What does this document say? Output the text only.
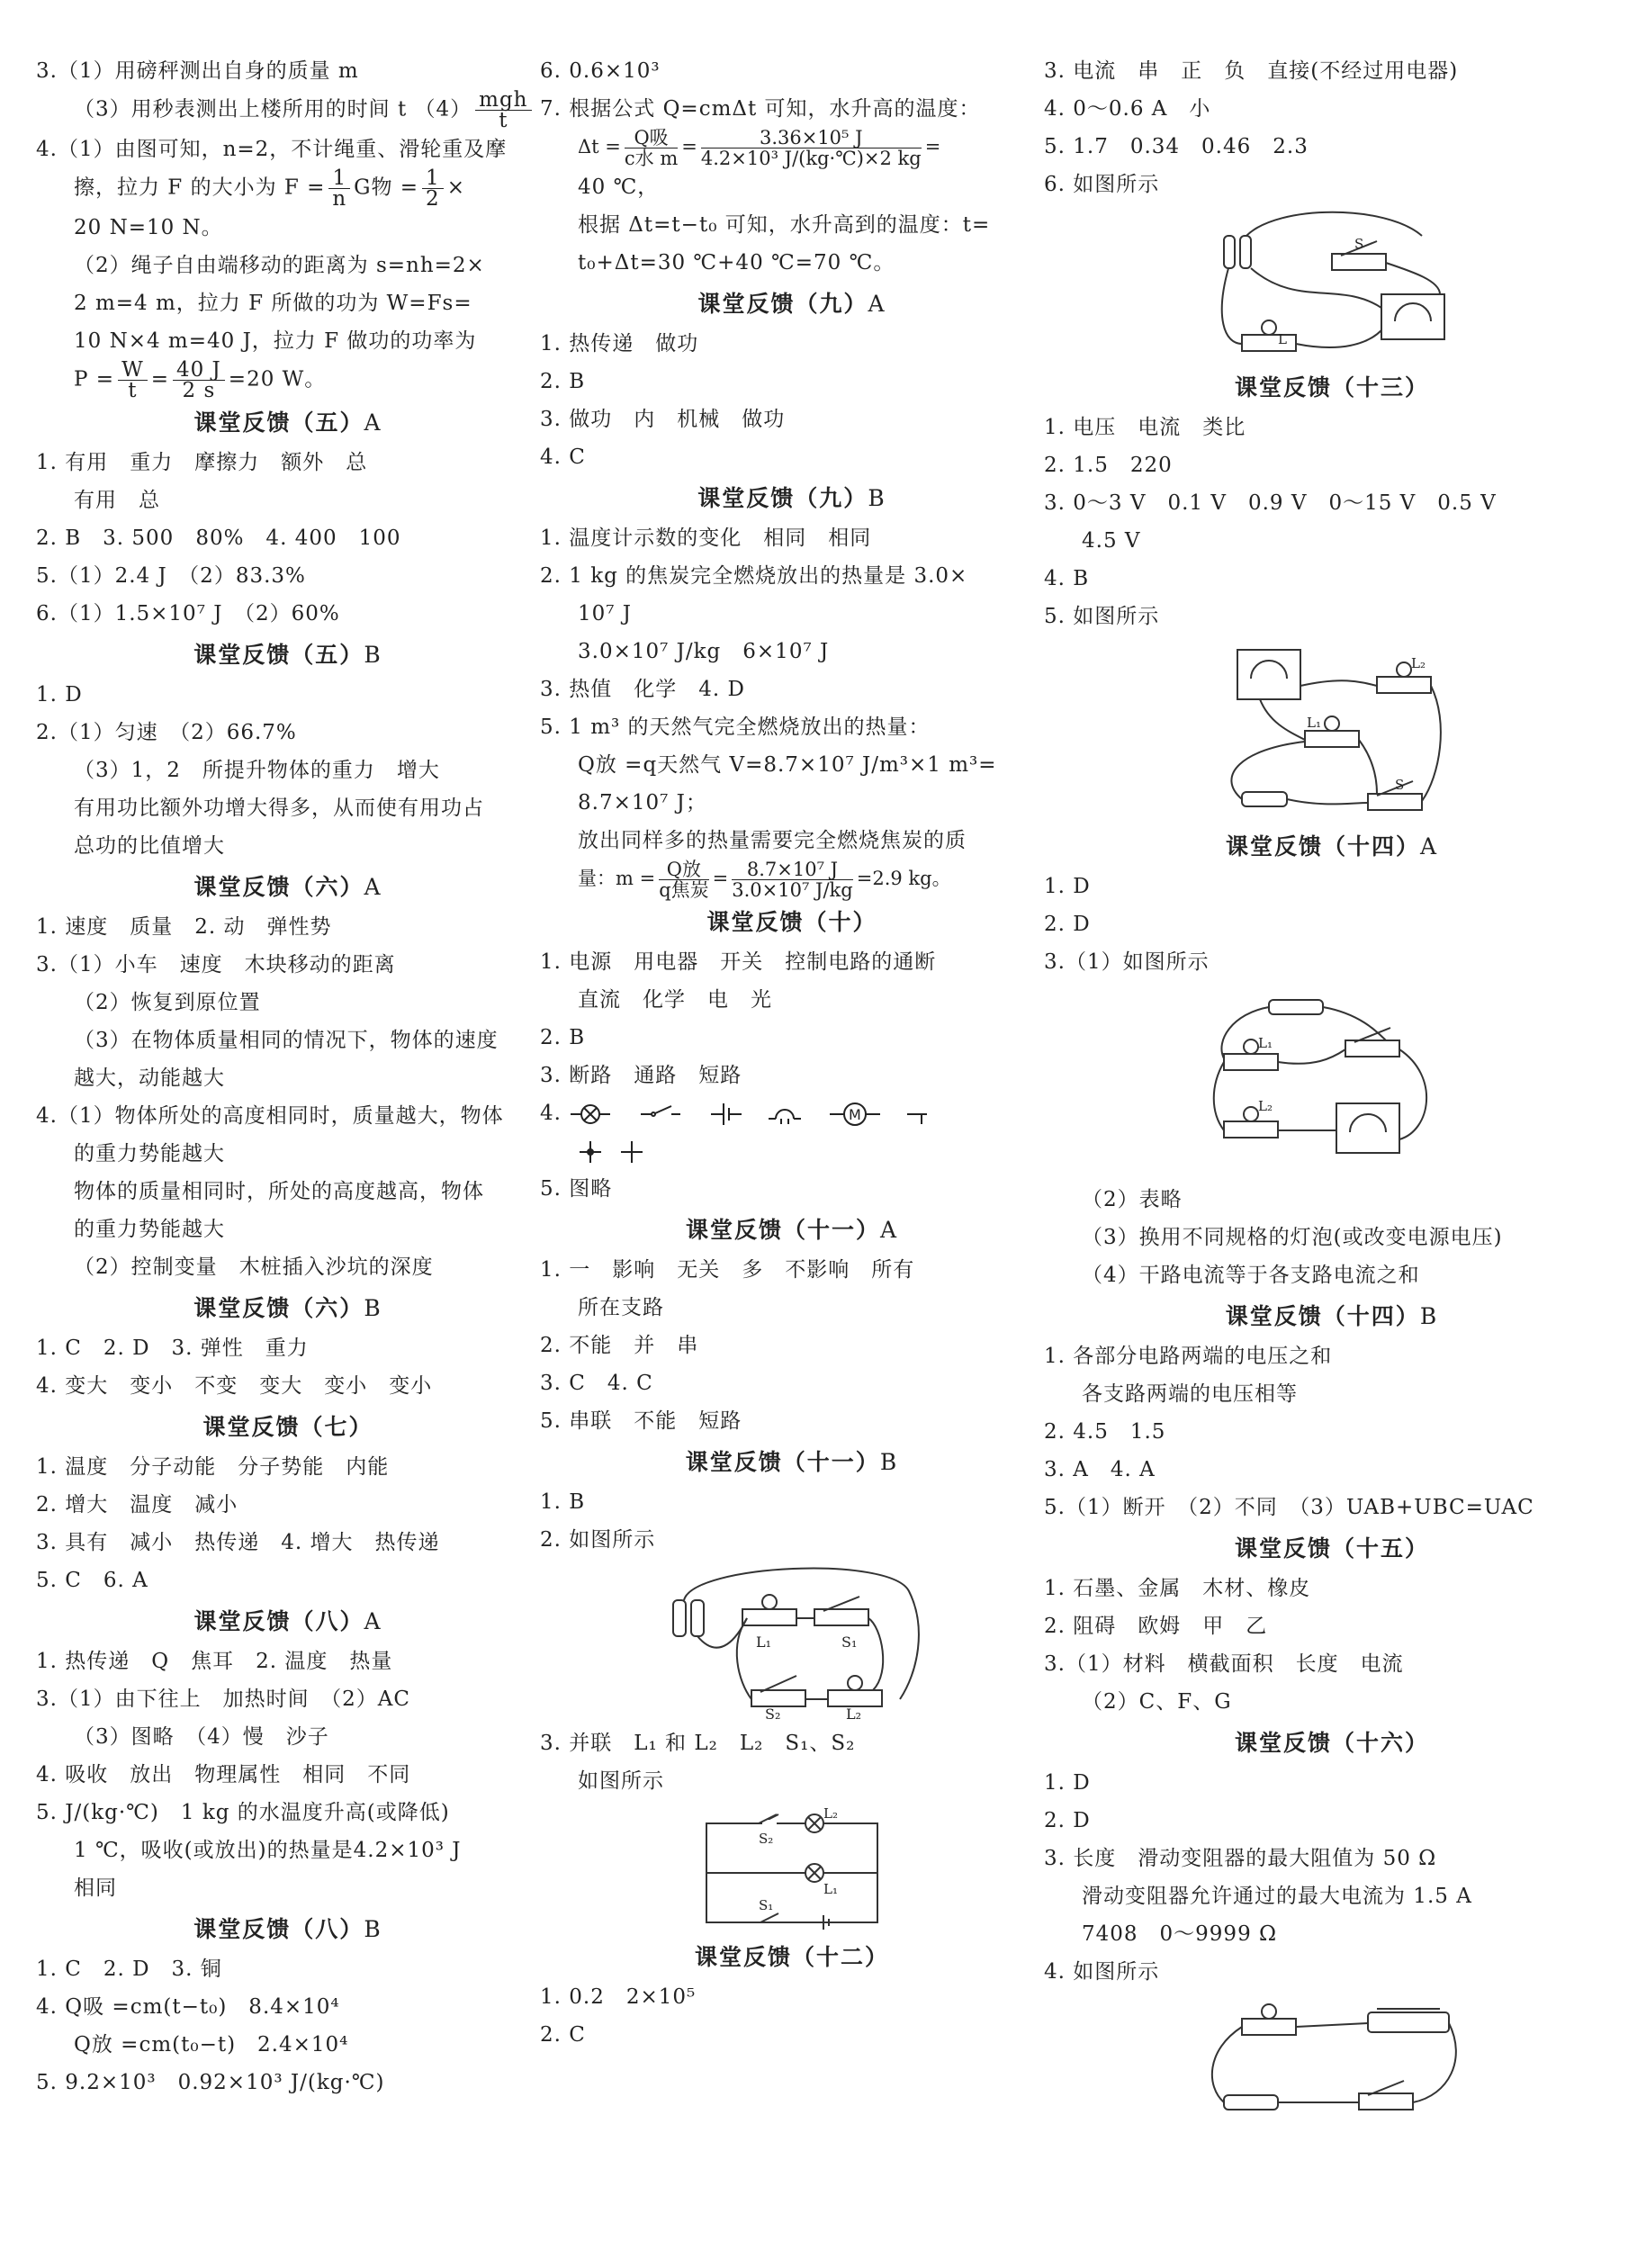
3.（1）用磅秤测出自身的质量 m
（3）用秒表测出上楼所用的时间 t $(4) \frac{\text{mgh}}{t}$
4.（1）由图可知，n=2，不计绳重、滑轮重及摩
擦，拉力 F 的大小为 $F = \frac{1}{n}$ G物 = $\frac{1}{2}$ ×
20 N=10 N。
（2）绳子自由端移动的距离为 s=nh=2×
2 m=4 m，拉力 F 所做的功为 W=Fs=
10 N×4 m=40 J，拉力 F 做功的功率为
$P = \frac{W}{t} = \frac{40 J}{2 s} =20$ W。
课堂反馈（五）A
1. 有用　重力　摩擦力　额外　总
有用　总
2. B　3. 500　80%　4. 400　100
5.（1）2.4 J　（2）83.3%
6.（1）1.5×10⁷ J　（2）60%
课堂反馈（五）B
1. D
2.（1）匀速　（2）66.7%
（3）1，2　所提升物体的重力　增大
有用功比额外功增大得多，从而使有用功占
总功的比值增大
课堂反馈（六）A
1. 速度　质量　2. 动　弹性势
3.（1）小车　速度　木块移动的距离
（2）恢复到原位置
（3）在物体质量相同的情况下，物体的速度
越大，动能越大
4.（1）物体所处的高度相同时，质量越大，物体
的重力势能越大
物体的质量相同时，所处的高度越高，物体
的重力势能越大
（2）控制变量　木桩插入沙坑的深度
课堂反馈（六）B
1. C　2. D　3. 弹性　重力
4. 变大　变小　不变　变大　变小　变小
课堂反馈（七）
1. 温度　分子动能　分子势能　内能
2. 增大　温度　减小
3. 具有　减小　热传递　4. 增大　热传递
5. C　6. A
课堂反馈（八）A
1. 热传递　Q　焦耳　2. 温度　热量
3.（1）由下往上　加热时间　（2）AC
（3）图略　（4）慢　沙子
4. 吸收　放出　物理属性　相同　不同
5. J/(kg·℃)　1 kg 的水温度升高(或降低)
1 ℃，吸收(或放出)的热量是4.2×10³ J
相同
课堂反馈（八）B
1. C　2. D　3. 铜
4. Q吸 =cm(t−t₀)　8.4×10⁴
Q放 =cm(t₀−t)　2.4×10⁴
5. 9.2×10³　0.92×10³ J/(kg·℃)
6. 0.6×10³
7. 根据公式 Q=cmΔt 可知，水升高的温度：
$\Delta t = \frac{\text{Q吸}}{\text{c水 m}} = \frac{\text{3.36×10⁵ J}}{\text{4.2×10³ J/(kg·℃)×2 kg}}$ =
40 ℃，
根据 Δt=t−t₀ 可知，水升高到的温度：t=
t₀+Δt=30 ℃+40 ℃=70 ℃。
课堂反馈（九）A
1. 热传递　做功
2. B
3. 做功　内　机械　做功
4. C
课堂反馈（九）B
1. 温度计示数的变化　相同　相同
2. 1 kg 的焦炭完全燃烧放出的热量是 3.0×
10⁷ J
3.0×10⁷ J/kg　6×10⁷ J
3. 热值　化学　4. D
5. 1 m³ 的天然气完全燃烧放出的热量：
Q放 =q天然气 V=8.7×10⁷ J/m³×1 m³=
8.7×10⁷ J；
放出同样多的热量需要完全燃烧焦炭的质
量：$m = \frac{\text{Q放}}{\text{q焦炭}} = \frac{\text{8.7×10⁷ J}}{\text{3.0×10⁷ J/kg}} =2.9$ kg。
课堂反馈（十）
1. 电源　用电器　开关　控制电路的通断
直流　化学　电　光
2. B
3. 断路　通路　短路
4.	M
5. 图略
课堂反馈（十一）A
1. 一　影响　无关　多　不影响　所有
所在支路
2. 不能　并　串
3. C　4. C
5. 串联　不能　短路
课堂反馈（十一）B
1. B
2. 如图所示
L₁	S₁
S₂	L₂
3. 并联　L₁ 和 L₂　L₂　S₁、S₂
如图所示
L₂
S₂
L₁
S₁
课堂反馈（十二）
1. 0.2　2×10⁵
2. C
3. 电流　串　正　负　直接(不经过用电器)
4. 0～0.6 A　小
5. 1.7　0.34　0.46　2.3
6. 如图所示
S
L
课堂反馈（十三）
1. 电压　电流　类比
2. 1.5　220
3. 0～3 V　0.1 V　0.9 V　0～15 V　0.5 V
4.5 V
4. B
5. 如图所示
L₂
L₁
S
课堂反馈（十四）A
1. D
2. D
3.（1）如图所示
L₁
L₂
（2）表略
（3）换用不同规格的灯泡(或改变电源电压)
（4）干路电流等于各支路电流之和
课堂反馈（十四）B
1. 各部分电路两端的电压之和
各支路两端的电压相等
2. 4.5　1.5
3. A　4. A
5.（1）断开　（2）不同　（3）UAB+UBC=UAC
课堂反馈（十五）
1. 石墨、金属　木材、橡皮
2. 阻碍　欧姆　甲　乙
3.（1）材料　横截面积　长度　电流
（2）C、F、G
课堂反馈（十六）
1. D
2. D
3. 长度　滑动变阻器的最大阻值为 50 Ω
滑动变阻器允许通过的最大电流为 1.5 A
7408　0～9999 Ω
4. 如图所示
